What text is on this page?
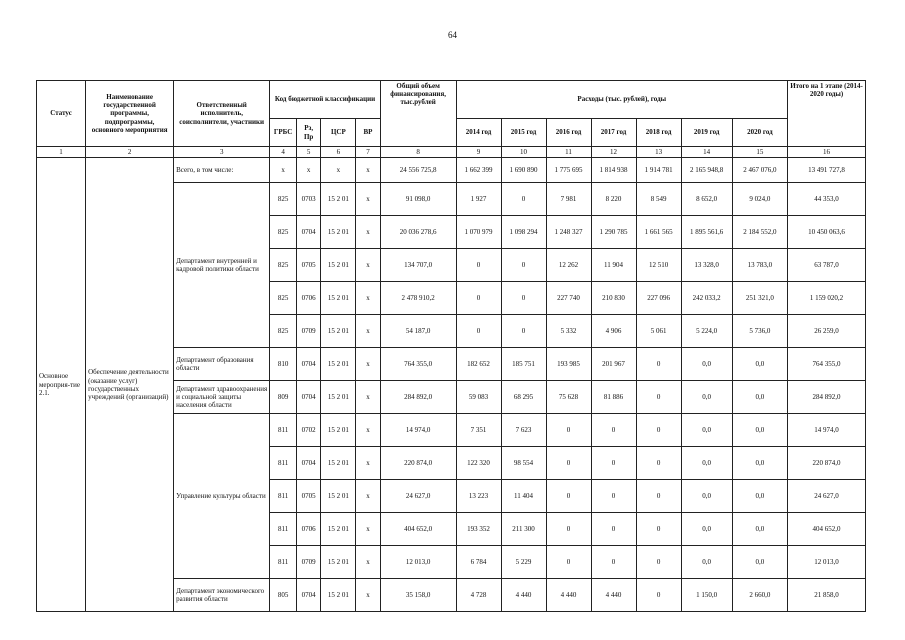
64
Статус	Наименование государственной программы, подпрограммы, основного мероприятия	Ответственный исполнитель, соисполнители, участники	Код бюджетной классификации				Общий объем финансирования, тыс.рублей	Расходы (тыс. рублей), годы							Итого на 1 этапе (2014-2020 годы)
			ГРБС	Рз, Пр	ЦСР	ВР		2014 год	2015 год	2016 год	2017 год	2018 год	2019 год	2020 год	
1	2	3	4	5	6	7	8	9	10	11	12	13	14	15	16
Основное мероприя-тие 2.1.	Обеспечение деятельности (оказание услуг) государственных учреждений (организаций)	Всего, в том числе:	х	х	х	х	24 556 725,8	1 662 399	1 690 890	1 775 695	1 814 938	1 914 781	2 165 948,8	2 467 076,0	13 491 727,8
		Департамент внутренней и кадровой политики области	825	0703	15 2 01	х	91 098,0	1 927	0	7 981	8 220	8 549	8 652,0	9 024,0	44 353,0
			825	0704	15 2 01	х	20 036 278,6	1 070 979	1 098 294	1 248 327	1 290 785	1 661 565	1 895 561,6	2 184 552,0	10 450 063,6
			825	0705	15 2 01	х	134 707,0	0	0	12 262	11 904	12 510	13 328,0	13 783,0	63 787,0
			825	0706	15 2 01	х	2 478 910,2	0	0	227 740	210 830	227 096	242 033,2	251 321,0	1 159 020,2
			825	0709	15 2 01	х	54 187,0	0	0	5 332	4 906	5 061	5 224,0	5 736,0	26 259,0
		Департамент образования области	810	0704	15 2 01	х	764 355,0	182 652	185 751	193 985	201 967	0	0,0	0,0	764 355,0
		Департамент здравоохранения и социальной защиты населения области	809	0704	15 2 01	х	284 892,0	59 083	68 295	75 628	81 886	0	0,0	0,0	284 892,0
		Управление культуры области	811	0702	15 2 01	х	14 974,0	7 351	7 623	0	0	0	0,0	0,0	14 974,0
			811	0704	15 2 01	х	220 874,0	122 320	98 554	0	0	0	0,0	0,0	220 874,0
			811	0705	15 2 01	х	24 627,0	13 223	11 404	0	0	0	0,0	0,0	24 627,0
			811	0706	15 2 01	х	404 652,0	193 352	211 300	0	0	0	0,0	0,0	404 652,0
			811	0709	15 2 01	х	12 013,0	6 784	5 229	0	0	0	0,0	0,0	12 013,0
		Департамент экономического развития области	805	0704	15 2 01	х	35 158,0	4 728	4 440	4 440	4 440	0	1 150,0	2 660,0	21 858,0
